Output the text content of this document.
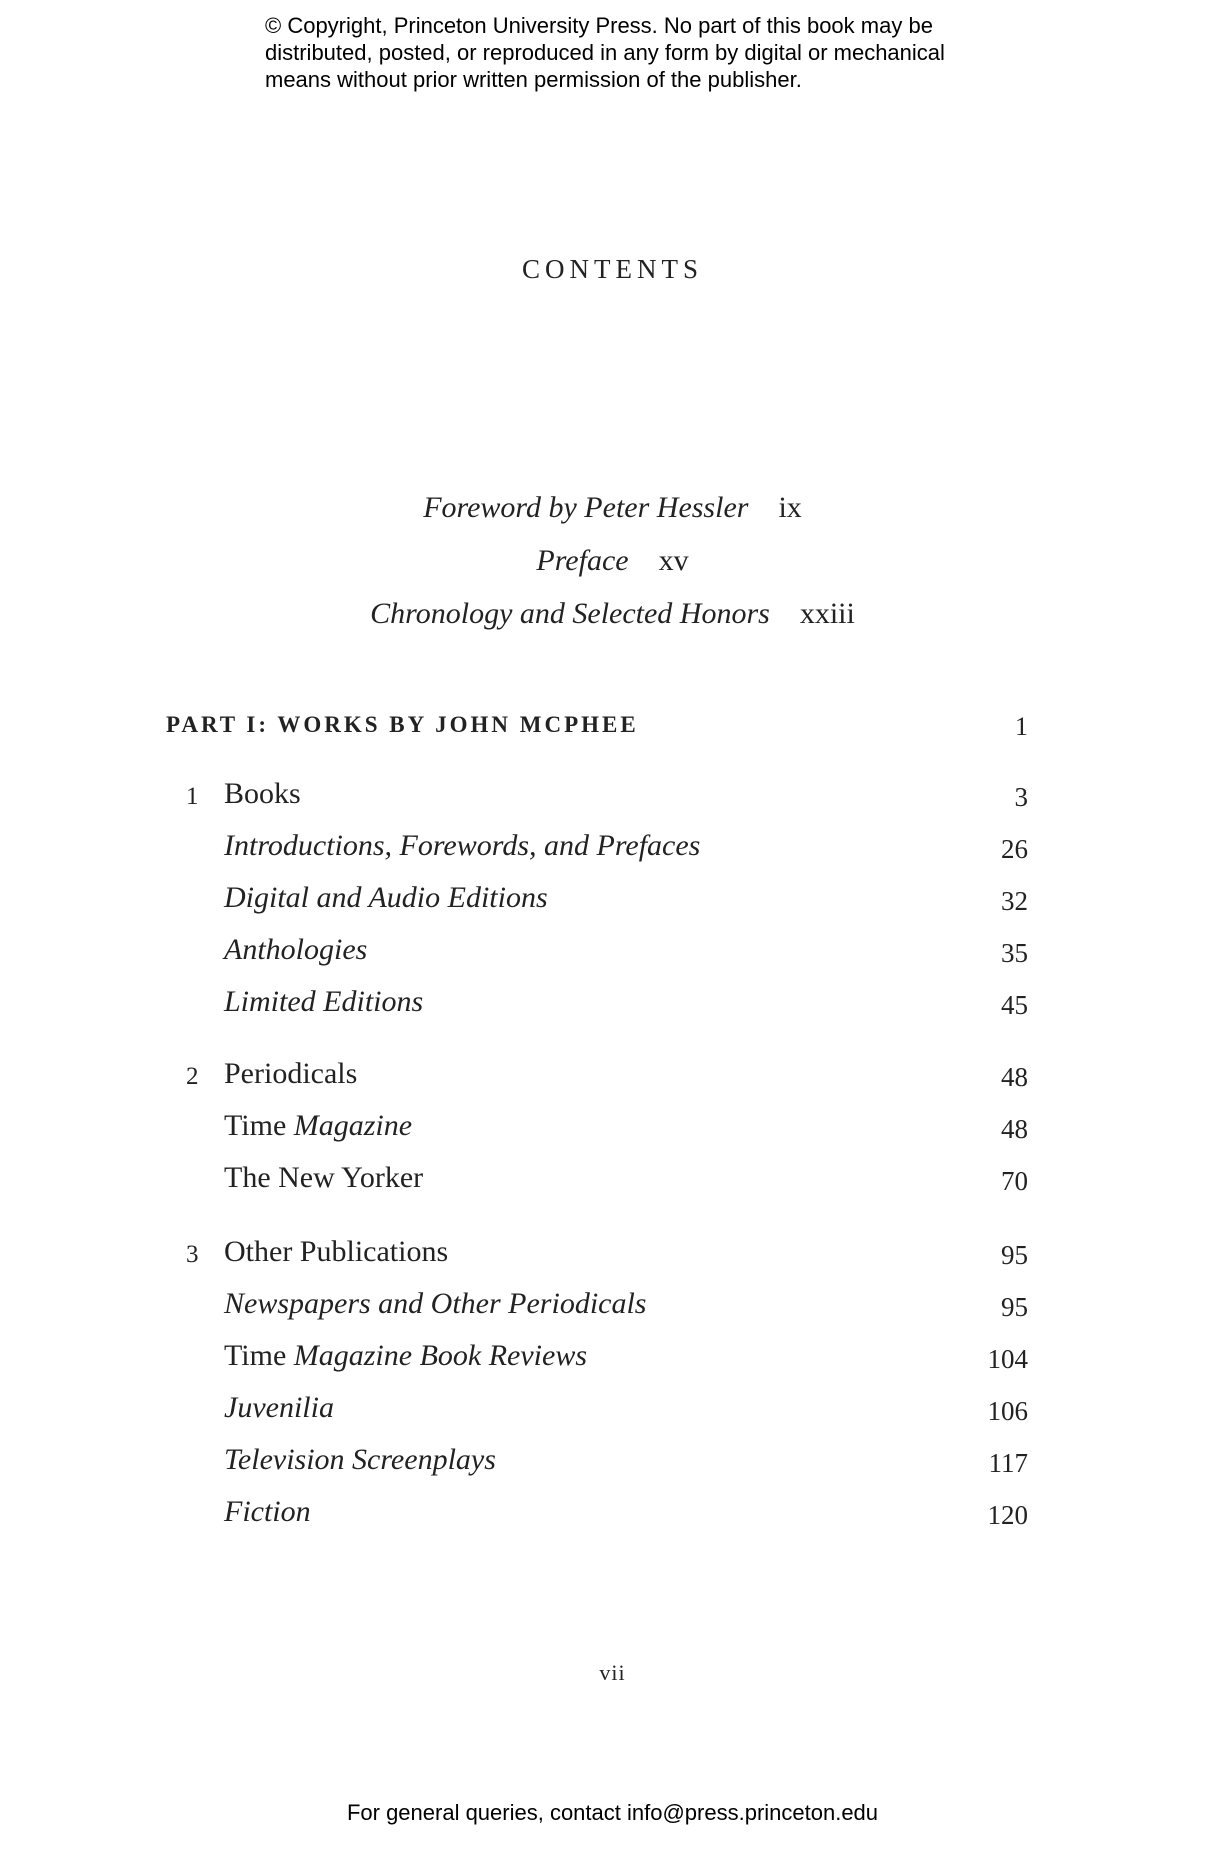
© Copyright, Princeton University Press. No part of this book may be
distributed, posted, or reproduced in any form by digital or mechanical
means without prior written permission of the publisher.
CONTENTS
Foreword by Peter Hessler ix
Preface xv
Chronology and Selected Honors xxiii
PART I: WORKS BY JOHN MCPHEE	1
1 Books	3
Introductions, Forewords, and Prefaces	26
Digital and Audio Editions	32
Anthologies	35
Limited Editions	45
2 Periodicals	48
Time Magazine	48
The New Yorker	70
3 Other Publications	95
Newspapers and Other Periodicals	95
Time Magazine Book Reviews	104
Juvenilia	106
Television Screenplays	117
Fiction	120
vii
For general queries, contact info@press.princeton.edu
